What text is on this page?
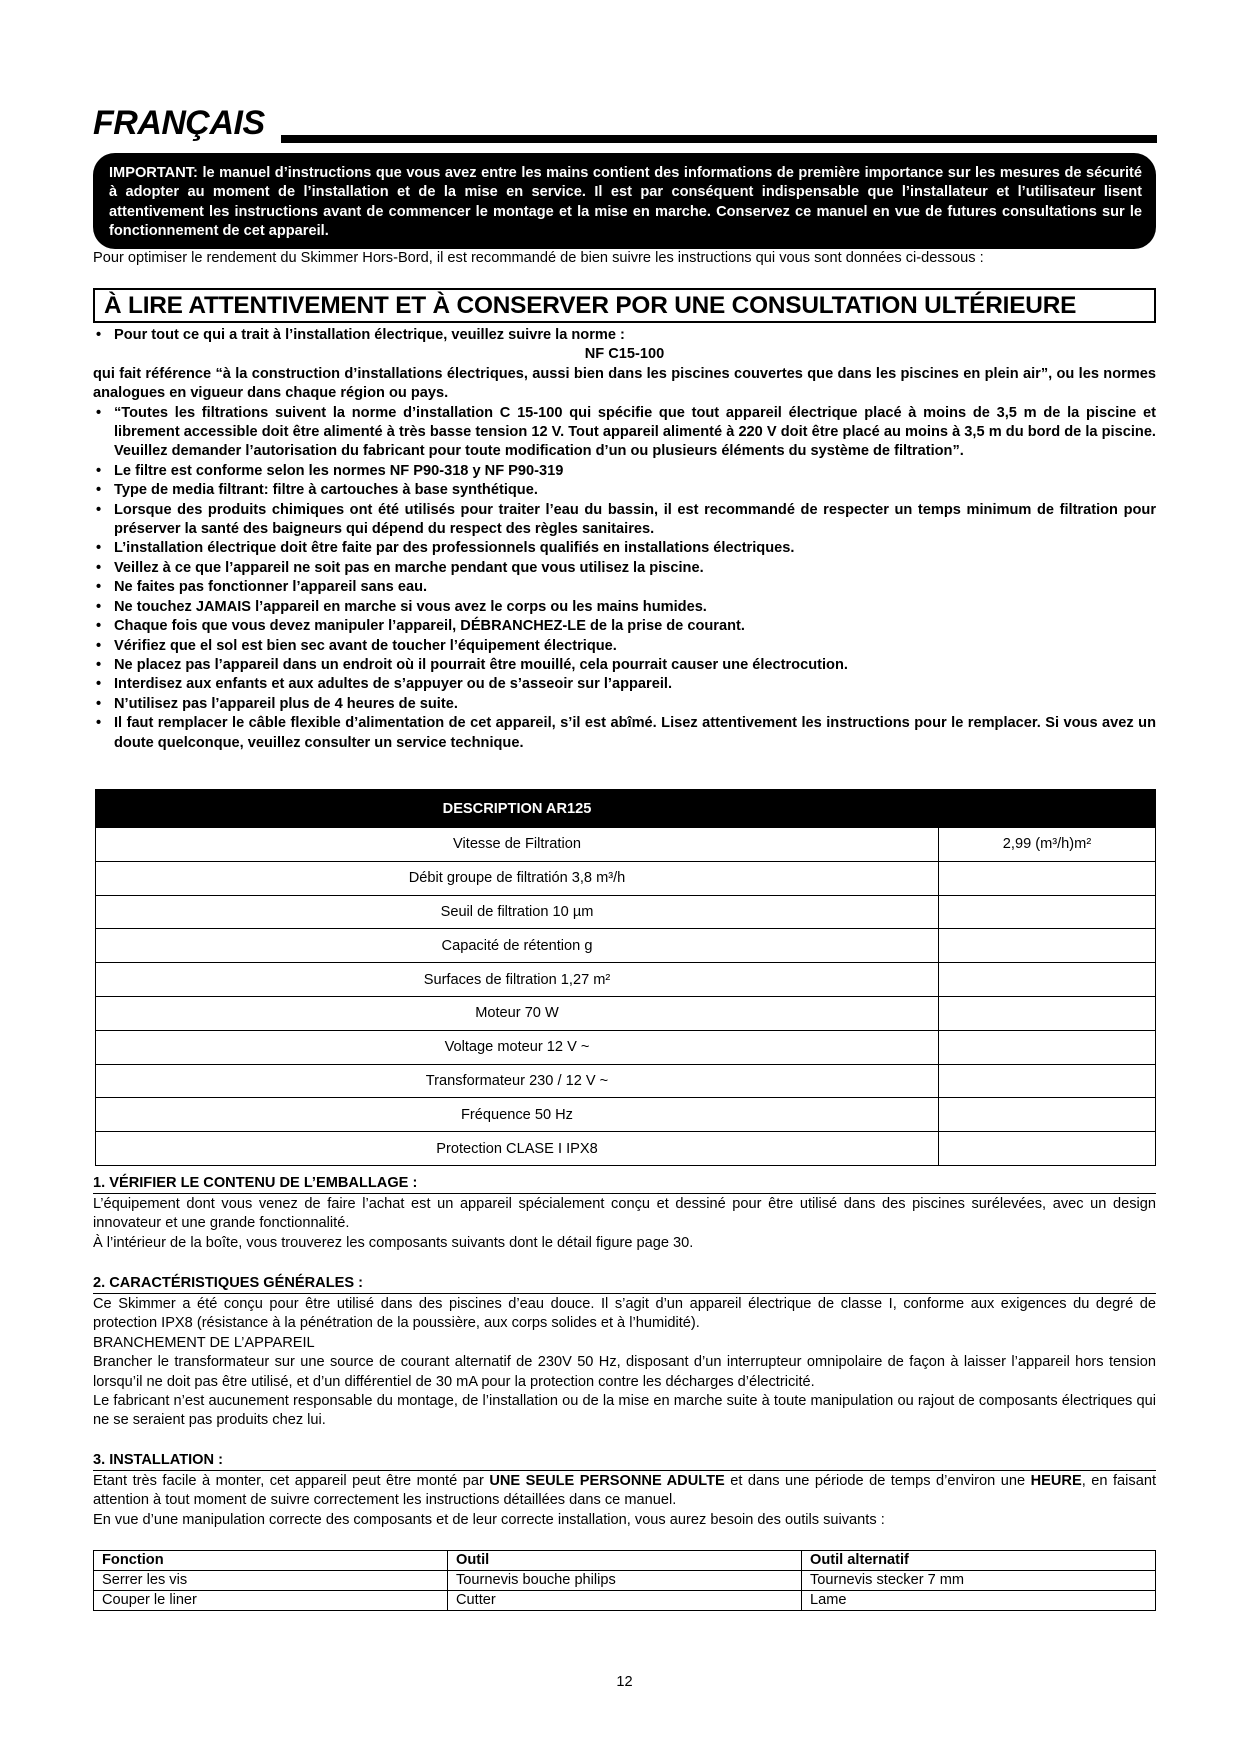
FRANÇAIS
IMPORTANT: le manuel d’instructions que vous avez entre les mains contient des informations de première importance sur les mesures de sécurité à adopter au moment de l’installation et de la mise en service. Il est par conséquent indispensable que l’installateur et l’utilisateur lisent attentivement les instructions avant de commencer le montage et la mise en marche. Conservez ce manuel en vue de futures consultations sur le fonctionnement de cet appareil.
Pour optimiser le rendement du Skimmer Hors-Bord, il est recommandé de bien suivre les instructions qui vous sont données ci-dessous :
À LIRE ATTENTIVEMENT ET À CONSERVER POR UNE CONSULTATION ULTÉRIEURE
• Pour tout ce qui a trait à l’installation électrique, veuillez suivre la norme :
NF C15-100
qui fait référence “à la construction d’installations électriques, aussi bien dans les piscines couvertes que dans les piscines en plein air”, ou les normes analogues en vigueur dans chaque région ou pays.
• “Toutes les filtrations suivent la norme d’installation C 15-100 qui spécifie que tout appareil électrique placé à moins de 3,5 m de la piscine et librement accessible doit être alimenté à très basse tension 12 V. Tout appareil alimenté à 220 V doit être placé au moins à 3,5 m du bord de la piscine. Veuillez demander l’autorisation du fabricant pour toute modification d’un ou plusieurs éléments du système de filtration”.
• Le filtre est conforme selon les normes NF P90-318 y NF P90-319
• Type de media filtrant: filtre à cartouches à base synthétique.
• Lorsque des produits chimiques ont été utilisés pour traiter l’eau du bassin, il est recommandé de respecter un temps minimum de filtration pour préserver la santé des baigneurs qui dépend du respect des règles sanitaires.
• L’installation électrique doit être faite par des professionnels qualifiés en installations électriques.
• Veillez à ce que l’appareil ne soit pas en marche pendant que vous utilisez la piscine.
• Ne faites pas fonctionner l’appareil sans eau.
• Ne touchez JAMAIS l’appareil en marche si vous avez le corps ou les mains humides.
• Chaque fois que vous devez manipuler l’appareil, DÉBRANCHEZ-LE de la prise de courant.
• Vérifiez que el sol est bien sec avant de toucher l’équipement électrique.
• Ne placez pas l’appareil dans un endroit où il pourrait être mouillé, cela pourrait causer une électrocution.
• Interdisez aux enfants et aux adultes de s’appuyer ou de s’asseoir sur l’appareil.
• N’utilisez pas l’appareil plus de 4 heures de suite.
• Il faut remplacer le câble flexible d’alimentation de cet appareil, s’il est abîmé. Lisez attentivement les instructions pour le remplacer. Si vous avez un doute quelconque, veuillez consulter un service technique.
DESCRIPTION AR125	
Vitesse de Filtration	2,99 (m³/h)m²
Débit groupe de filtratión 3,8 m³/h	
Seuil de filtration 10 µm	
Capacité de rétention g	
Surfaces de filtration 1,27 m²	
Moteur 70 W	
Voltage moteur 12 V ~	
Transformateur 230 / 12 V ~	
Fréquence 50 Hz	
Protection CLASE I IPX8	
1. VÉRIFIER LE CONTENU DE L’EMBALLAGE :
L’équipement dont vous venez de faire l’achat est un appareil spécialement conçu et dessiné pour être utilisé dans des piscines surélevées, avec un design innovateur et une grande fonctionnalité.
À l’intérieur de la boîte, vous trouverez les composants suivants dont le détail figure page 30.
2. CARACTÉRISTIQUES GÉNÉRALES :
Ce Skimmer a été conçu pour être utilisé dans des piscines d’eau douce. Il s’agit d’un appareil électrique de classe I, conforme aux exigences du degré de protection IPX8 (résistance à la pénétration de la poussière, aux corps solides et à l’humidité).
BRANCHEMENT DE L’APPAREIL
Brancher le transformateur sur une source de courant alternatif de 230V 50 Hz, disposant d’un interrupteur omnipolaire de façon à laisser l’appareil hors tension lorsqu’il ne doit pas être utilisé, et d’un différentiel de 30 mA pour la protection contre les décharges d’électricité.
Le fabricant n’est aucunement responsable du montage, de l’installation ou de la mise en marche suite à toute manipulation ou rajout de composants électriques qui ne se seraient pas produits chez lui.
3. INSTALLATION :
Etant très facile à monter, cet appareil peut être monté par UNE SEULE PERSONNE ADULTE et dans une période de temps d’environ une HEURE, en faisant attention à tout moment de suivre correctement les instructions détaillées dans ce manuel.
En vue d’une manipulation correcte des composants et de leur correcte installation, vous aurez besoin des outils suivants :
Fonction	Outil	Outil alternatif
Serrer les vis	Tournevis bouche philips	Tournevis stecker 7 mm
Couper le liner	Cutter	Lame
12
